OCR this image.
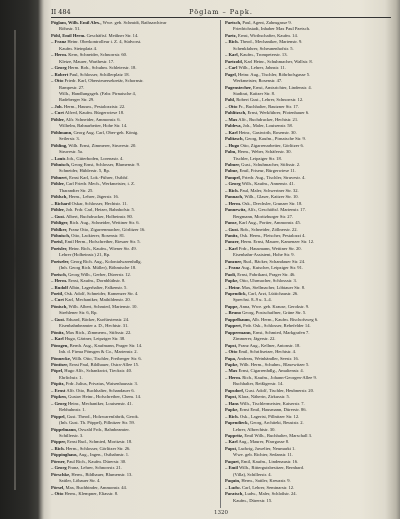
II 484	Pöglam – Papk.
Pöglam, Wilh. Emil Alex., Wwe. geb. Schmidt, Rathsarchivar
Röhrstr. 51.
Pöhl, Emil Herm. Geschäftsf. Meißner Str. 14.
– Franz Heinr. Oberkontrolleur i. Z. 4, Südvorst.
Kaufm. Steinplatz 4.
– Herm. Kern, Schneider, Schnorrstr. 60.
Kletze, Maurer, Warthestr. 17.
– Georg Herm. Rob., Schuhm. Schleierstr. 18.
– Robert Paul, Schlosser, Schillerplatz 18.
– Otto Friedr. Karl, Obersteuersekretär, Schornstr.
Rampestr. 27.
Wilh., Handlungsgeh. (Fabr. Pirnaische 4,
Radeberger Str. 29.
– Joh. Herm., Hausm., Pestalozzistr. 22.
– Curt Alfred, Kaufm. Bürgerwiese 18.
Pöhler, Alfr. Schneider, Ammonstr. 6.
Wilhelm, Bahnarbeiter, Hohe Str. 14.
Pöhlmann, Georg Aug. Carl, Ober-geh. König.
Seilerstr. 3.
Pöhling, Wilh. Ernst, Zimmerer, Struvestr. 20.
Struvestr. 5a.
– Louis Joh., Güterboden, Lorenzstr. 4.
Pöhnisch, Georg Ernst, Schlosser, Blumenstr. 9.
Schneider, Hüblerstr. 5, Rp.
Pöhnert, Ernst Karl, Lok.-Führer, Ostbhf.
Pöhler, Carl Friedr. Mech., Werkmeister, i. Z.
Tharandter Str. 25.
Pöhlsch, Herm., Lehrer, Jägerstr. 16.
– Richard Oskar, Schlosser, Hechtstr. 11.
Pöhler, Joh. Frdr. Carl, Heizer, Bahnhofstr. 5.
– Gust. Albert, Buchdrucker, Holbeinstr. 80.
Pöhliger, Rich. Aug., Schneider, Wettiner Str. 6.
Pöhlker, Franz Otto, Zigarrenmacher, Görlitzer 16.
Pöhnisch, Otto, Lackierer, Rosenstr. 81.
Poeisl, Emil Herm., Hofschreiber, Riesaer Str. 5.
Poeisler, Heinr. Rich., Kaufm., Wiener Str. 49.
Lehrer (Holbeinstr.) 21, Rp.
Poeiseler, Georg Rich. Aug., Kolonialwarenhdlg.
(Inh. Georg Rich. Müller), Böhmische 18.
Poeisch, Georg Wilh., Gerber, Dürerstr. 12.
– Herm. Ernst, Kaufm., Dornblüthstr. 8.
– Rudolf Albin, Lagerhalter, Falkenstr. 5.
Poeitl, Osk. Adolf, Schneider, Kamenzer Str. 4.
– Curt Karl, Mechaniker, Mathildenstr. 20.
Pönisch, Wilh. Albert, Schmied, Marienstr. 10.
Strehlener Str. 6, Rp.
– Gust. Eduard, Bäcker, Kurfürstenstr. 24.
Eisenbahnbeamter a. D., Hechtstr. 31.
Pönitz, Max Rich., Zimmerm., Stiftsstr. 22.
– Karl Hugo, Gärtner, Leipziger Str. 38.
Pönsgen, Bernh. Aug., Kaufmann, Prager Str. 14.
Inh. d. Firma Pönsgen & Co., Marienstr. 2.
Pönnecke, Wilh. Otto, Tischler, Freiberger Str. 6.
Pöntiser, Ernst Paul, Bildhauer, Ostra-Allee 15.
Pöpel, Hugo Alfr., Schankwirt, Tieckstr. 40.
Ehrlichstr. 1.
Pöpitz, Frdr. Julius, Privatus, Waisenhausstr. 3.
– Ernst Alfr. Otto, Buchhalter, Schandauer 6.
Pöpken, Gustav Heinr., Hofschreiber, Chem. 14.
– Georg Heinr., Mechaniker, Louisenstr. 41.
Rebhuhnstr. 1.
Pöppel, Gust. Theod., Holzwarenfabrik, Gerok.
(Inh. Gust. Th. Pöppel), Pillnitzer Str. 59.
Pöppelmann, Oswald Frdr., Bahnbeamter.
Schillerstr. 3.
Pöpper, Ernst Rud., Schmied, Moritzstr. 18.
– Rich. Herm., Schlosser, Görlitzer Str. 26.
Pöppinghaus, Aug., Ingen., Ostbahnstr. 1.
Pörner, Paul Rich., Kaufm. Dürerstr. 30.
– Georg Franz, Lehrer, Schnorrstr. 21.
Pörschke, Herm., Bildhauer, Blumenstr. 13.
Sattler, Löbauer Str. 4.
Pörsel, Max, Buchbinder, Ammonstr. 44.
– Otto Herm., Klempner, Eliasstr. 8.
Paetsch, Paul, Agent, Zahnsgasse 9.
Friedrichstadt, Inhaber Max Paul Paetsch.
Paetz, Ernst, Wirthschafter, Kaufm. 14.
– Rich. Theod., Mechaniker, Marienstr. 9.
Schenkfahrer, Scheunenhofstr. 5.
– Karl, Kaufm., Trompeterstr. 13.
Paetzold, Karl Heinr., Schuhmacher, Wallstr. 8.
– Carl Wilh., Lehrer, Jahnstr. 11.
Pagel, Heinr. Aug., Tischler, Röhrhofsgasse 5.
Werkmeister, Rosenstr. 47.
Pagenstecher, Ernst, Amtsrichter, Lindenstr. 4.
Stadtrat, Kaitzer Str. 8.
Pahl, Robert Gust., Lehrer, Schnorrstr. 12.
– Otto Fr., Buchhalter, Bautzner Str. 17.
Pahlitzsch, Ernst, Werkführer, Pfotenhauer 6.
– Max Alfr., Buchdrucker, Hechtstr. 21.
Paldeva, Joh., Maler, Louisenstr. 58.
– Karl Heinr., Gastwirth, Rosenstr. 30.
Palitzsch, Georg, Kaufm., Pirnaische Str. 9.
– Hugo Otto, Zigarrenarbeiter, Görlitzer 6.
Palm, Herm., Weber, Schäferstr. 30.
Tischler, Leipziger Str. 18.
Palmer, Gust., Schuhmacher, Stiftsstr. 2.
Palme, Emil, Friseur, Bürgerwiese 11.
Pampel, Friedr. Aug., Tischler, Struvestr. 4.
– Georg Wilh., Kaufm., Annenstr. 41.
– Rich. Paul, Maler, Schweriner Str. 32.
Pannach, Wilh., Glaser, Kaitzer Str. 10.
– Herm. Osk., Drechsler, Grunaer Str. 18.
Pannewitz, Alfr., Geschäftsf. Marienstr. 17.
Bergmann, Moritzburger Str. 27.
Panse, Karl Aug., Portier, Ammonstr. 45.
– Gust. Rob., Schneider, Zöllnerstr. 22.
Panitz, Osk. Herm., Fleischer, Pestalozzi 4.
Panzer, Herm. Ernst, Maurer, Kamenzer Str. 12.
– Karl Frdr., Hausmann, Wettiner Str. 20.
Eisenbahn-Assistent, Hohe Str. 9.
Panzner, Rud., Bäcker, Schandauer Str. 24.
– Franz Aug., Kutscher, Leipziger Str. 91.
Paoli, Ernst, Fabrikant, Prager Str. 46.
Papke, Otto, Uhrmacher, Schlossstr. 3.
– Heinr. Max, Stellmacher, Löbtauer Str. 8.
Papendick, Carl, Arzt, Lüttichaustr. 26.
Sprechst. 8–9 u. 3–4.
Pappe, Anna, Wwe. geb. Krause, Gerokstr. 9.
– Bruno Georg, Postschaffner, Grüne Str. 5.
Pappelbaum, Alb. Herm., Kaufm. Bischofsweg 6.
Pappert, Frdr. Osk., Schlosser, Rehefelder 14.
Pappermann, Ernst, Schmied, Markgrafen 7.
Zimmerer, Jägerstr. 22.
Papst, Franz Aug., Kellner, Antonstr. 18.
– Otto Emil, Schriftsetzer, Hechtstr. 4.
Papa, Andreas, Weinhändler, Seestr. 16.
Papke, Wilh. Herm., Schuhm., Blasewitzer 5.
– Max Ernst, Cigarrenhdlg., Amalienstr. 4.
– Herm. Rich., Kaufm., Johann-Georgen-Allee 9.
Buchhalter, Reißigerstr. 14.
Papsdorf, Gust. Adolf, Tischler, Heubnerstr. 20.
Papst, Klara, Näherin, Zirkusstr. 5.
– Hans Wilh., Tischlermeister, Kaiserstr. 7.
Papke, Ernst Emil, Hausmann, Dürerstr. 86.
– Rich. Osk., Lagerist, Pillnitzer Str. 12.
Papendieck, Georg, Architekt, Beuststr. 2.
Lehrer, Albrechtstr. 30.
Pappritz, Emil Wilh., Buchhalter, Marschall 3.
– Karl Aug., Maurer, Pfarrgasse 8.
Papst, Ludwig, Juwelier, Neumarkt 1.
Wwe. geb. Richter, Sedanstr. 11.
Paquet, Emil, Kaufm., Lindenaustr. 16.
– Emil Wilh., Rittergutsbesitzer, Bernhard.
(Villa), Schillerstr. 4.
Paquin, Herm., Sattler, Kreuzstr. 9.
– Ludw. Carl, Lehrer, Seminarstr. 12.
Paratsch, Ludw., Maler, Schloßstr. 24.
Kaufm., Dürerstr. 15.
1320
